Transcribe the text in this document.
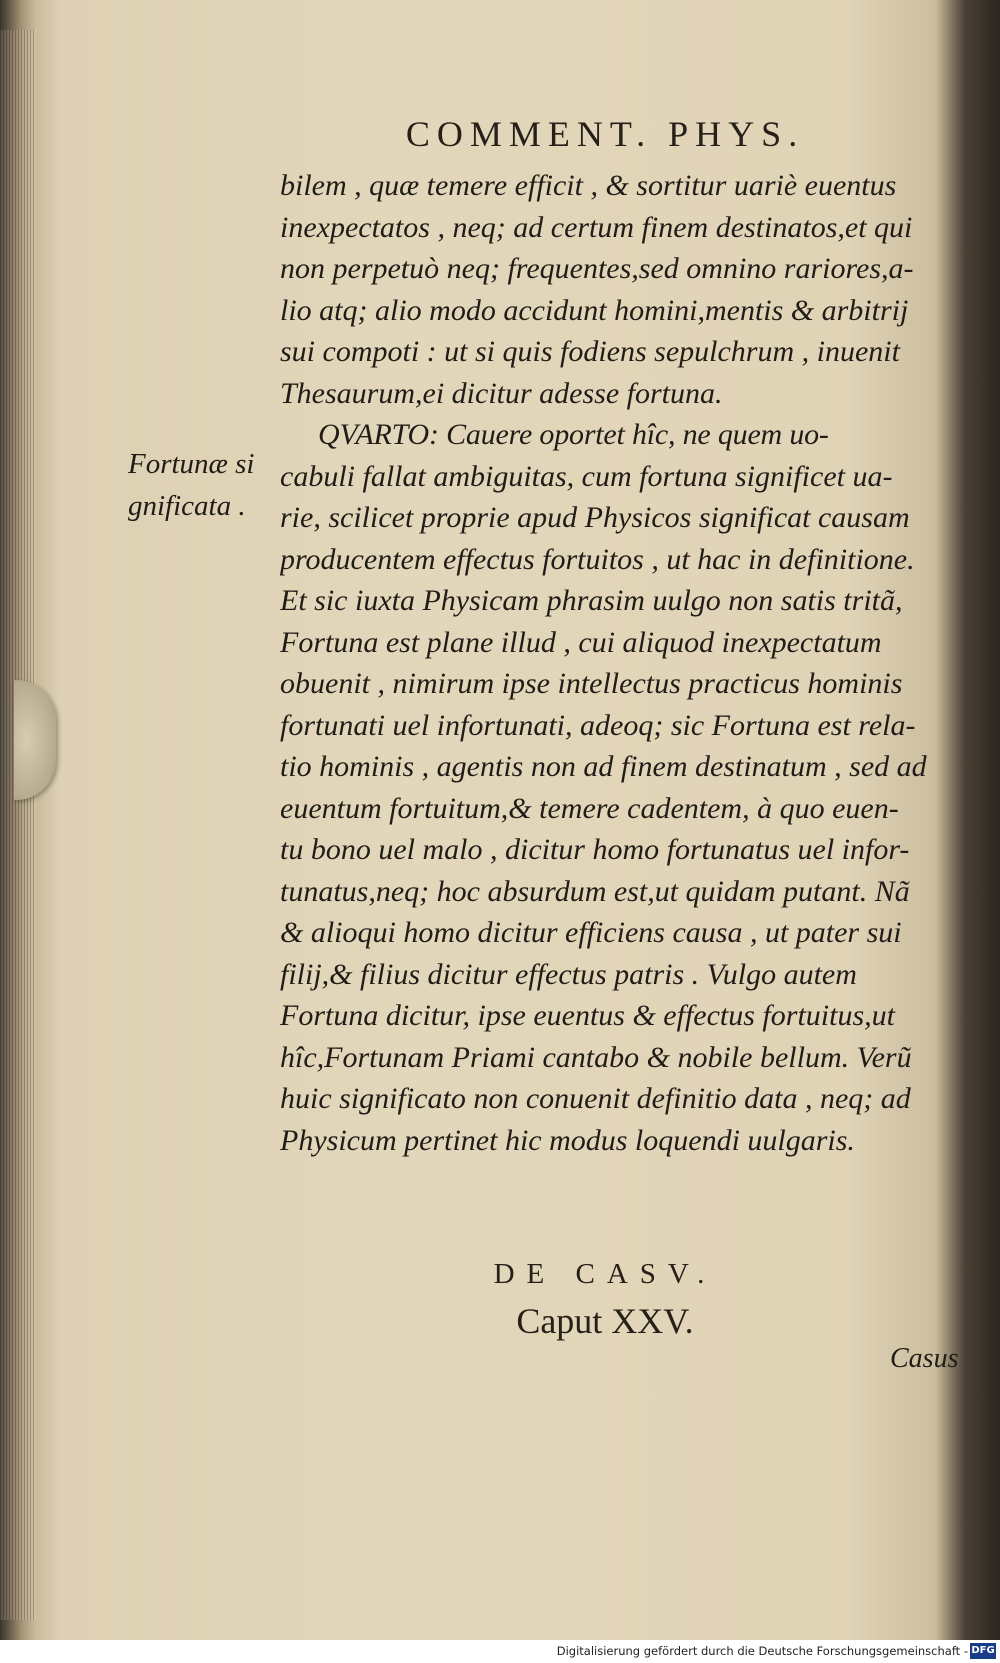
COMMENT. PHYS.
Fortunæ si
gnificata .
bilem , quæ temere efficit , & sortitur uariè euentus
inexpectatos , neq; ad certum finem destinatos,et qui
non perpetuò neq; frequentes,sed omnino rariores,a-
lio atq; alio modo accidunt homini,mentis & arbitrij
sui compoti : ut si quis fodiens sepulchrum , inuenit
Thesaurum,ei dicitur adesse fortuna.
QVARTO: Cauere oportet hîc, ne quem uo-
cabuli fallat ambiguitas, cum fortuna significet ua-
rie, scilicet proprie apud Physicos significat causam
producentem effectus fortuitos , ut hac in definitione.
Et sic iuxta Physicam phrasim uulgo non satis tritã,
Fortuna est plane illud , cui aliquod inexpectatum
obuenit , nimirum ipse intellectus practicus hominis
fortunati uel infortunati, adeoq; sic Fortuna est rela-
tio hominis , agentis non ad finem destinatum , sed ad
euentum fortuitum,& temere cadentem, à quo euen-
tu bono uel malo , dicitur homo fortunatus uel infor-
tunatus,neq; hoc absurdum est,ut quidam putant. Nã
& alioqui homo dicitur efficiens causa , ut pater sui
filij,& filius dicitur effectus patris . Vulgo autem
Fortuna dicitur, ipse euentus & effectus fortuitus,ut
hîc,Fortunam Priami cantabo & nobile bellum. Verũ
huic significato non conuenit definitio data , neq; ad
Physicum pertinet hic modus loquendi uulgaris.
DE CASV.
Caput XXV.
Casus
Digitalisierung gefördert durch die Deutsche Forschungsgemeinschaft - DFG
